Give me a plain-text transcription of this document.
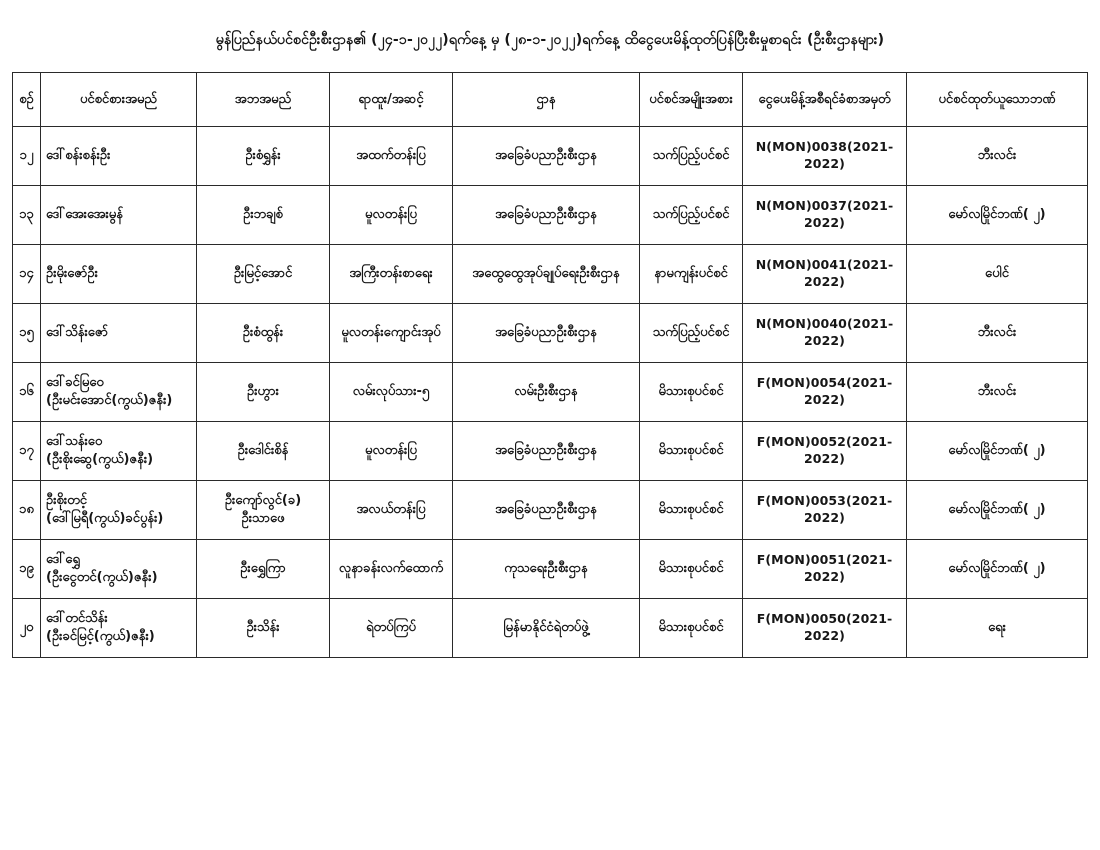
မွန်ပြည်နယ်ပင်စင်ဦးစီးဌာန၏ (၂၄-၁-၂၀၂၂)ရက်နေ့ မှ (၂၈-၁-၂၀၂၂)ရက်နေ့ ထိငွေပေးမိန့်ထုတ်ပြန်ပြီးစီးမှုစာရင်း (ဦးစီးဌာနများ)
စဉ်	ပင်စင်စားအမည်	အဘအမည်	ရာထူး/အဆင့်	ဌာန	ပင်စင်အမျိုးအစား	ငွေပေးမိန့်အစီရင်ခံစာအမှတ်	ပင်စင်ထုတ်ယူသောဘဏ်
၁၂	ဒေါ်စန်းစန်းဦး	ဦးစံရွှန်း	အထက်တန်းပြ	အခြေခံပညာဦးစီးဌာန	သက်ပြည့်ပင်စင်	N(MON)0038(2021-2022)	ဘီးလင်း
၁၃	ဒေါ်အေးအေးမွန်	ဦးဘချစ်	မူလတန်းပြ	အခြေခံပညာဦးစီးဌာန	သက်ပြည့်ပင်စင်	N(MON)0037(2021-2022)	မော်လမြိုင်ဘဏ်( ၂)
၁၄	ဦးမိုးဇော်ဦး	ဦးမြင့်အောင်	အကြီးတန်းစာရေး	အထွေထွေအုပ်ချုပ်ရေးဦးစီးဌာန	နာမကျန်းပင်စင်	N(MON)0041(2021-2022)	ပေါင်
၁၅	ဒေါ်သိန်းဇော်	ဦးစံထွန်း	မူလတန်းကျောင်းအုပ်	အခြေခံပညာဦးစီးဌာန	သက်ပြည့်ပင်စင်	N(MON)0040(2021-2022)	ဘီးလင်း
၁၆	ဒေါ်ခင်မြဝေ
(ဦးမင်းအောင်(ကွယ်)ဇနီး)	ဦးဟွား	လမ်းလုပ်သား-၅	လမ်းဦးစီးဌာန	မိသားစုပင်စင်	F(MON)0054(2021-2022)	ဘီးလင်း
၁၇	ဒေါ်သန်းဝေ
(ဦးစိုးဆွေ(ကွယ်)ဇနီး)	ဦးဒေါင်းစိန်	မူလတန်းပြ	အခြေခံပညာဦးစီးဌာန	မိသားစုပင်စင်	F(MON)0052(2021-2022)	မော်လမြိုင်ဘဏ်( ၂)
၁၈	ဦးစိုးတင့်
(ဒေါ်မြရီ(ကွယ်)ခင်ပွန်း)	ဦးကျော်လွင်(ခ)
ဦးသာဖေ	အလယ်တန်းပြ	အခြေခံပညာဦးစီးဌာန	မိသားစုပင်စင်	F(MON)0053(2021-2022)	မော်လမြိုင်ဘဏ်( ၂)
၁၉	ဒေါ်ရွှေ
(ဦးငွေတင်(ကွယ်)ဇနီး)	ဦးရွှေကြာ	လူနာခန်းလက်ထောက်	ကုသရေးဦးစီးဌာန	မိသားစုပင်စင်	F(MON)0051(2021-2022)	မော်လမြိုင်ဘဏ်( ၂)
၂၀	ဒေါ်တင်သိန်း
(ဦးခင်မြင့်(ကွယ်)ဇနီး)	ဦးသိန်း	ရဲတပ်ကြပ်	မြန်မာနိုင်ငံရဲတပ်ဖွဲ့	မိသားစုပင်စင်	F(MON)0050(2021-2022)	ရေး
